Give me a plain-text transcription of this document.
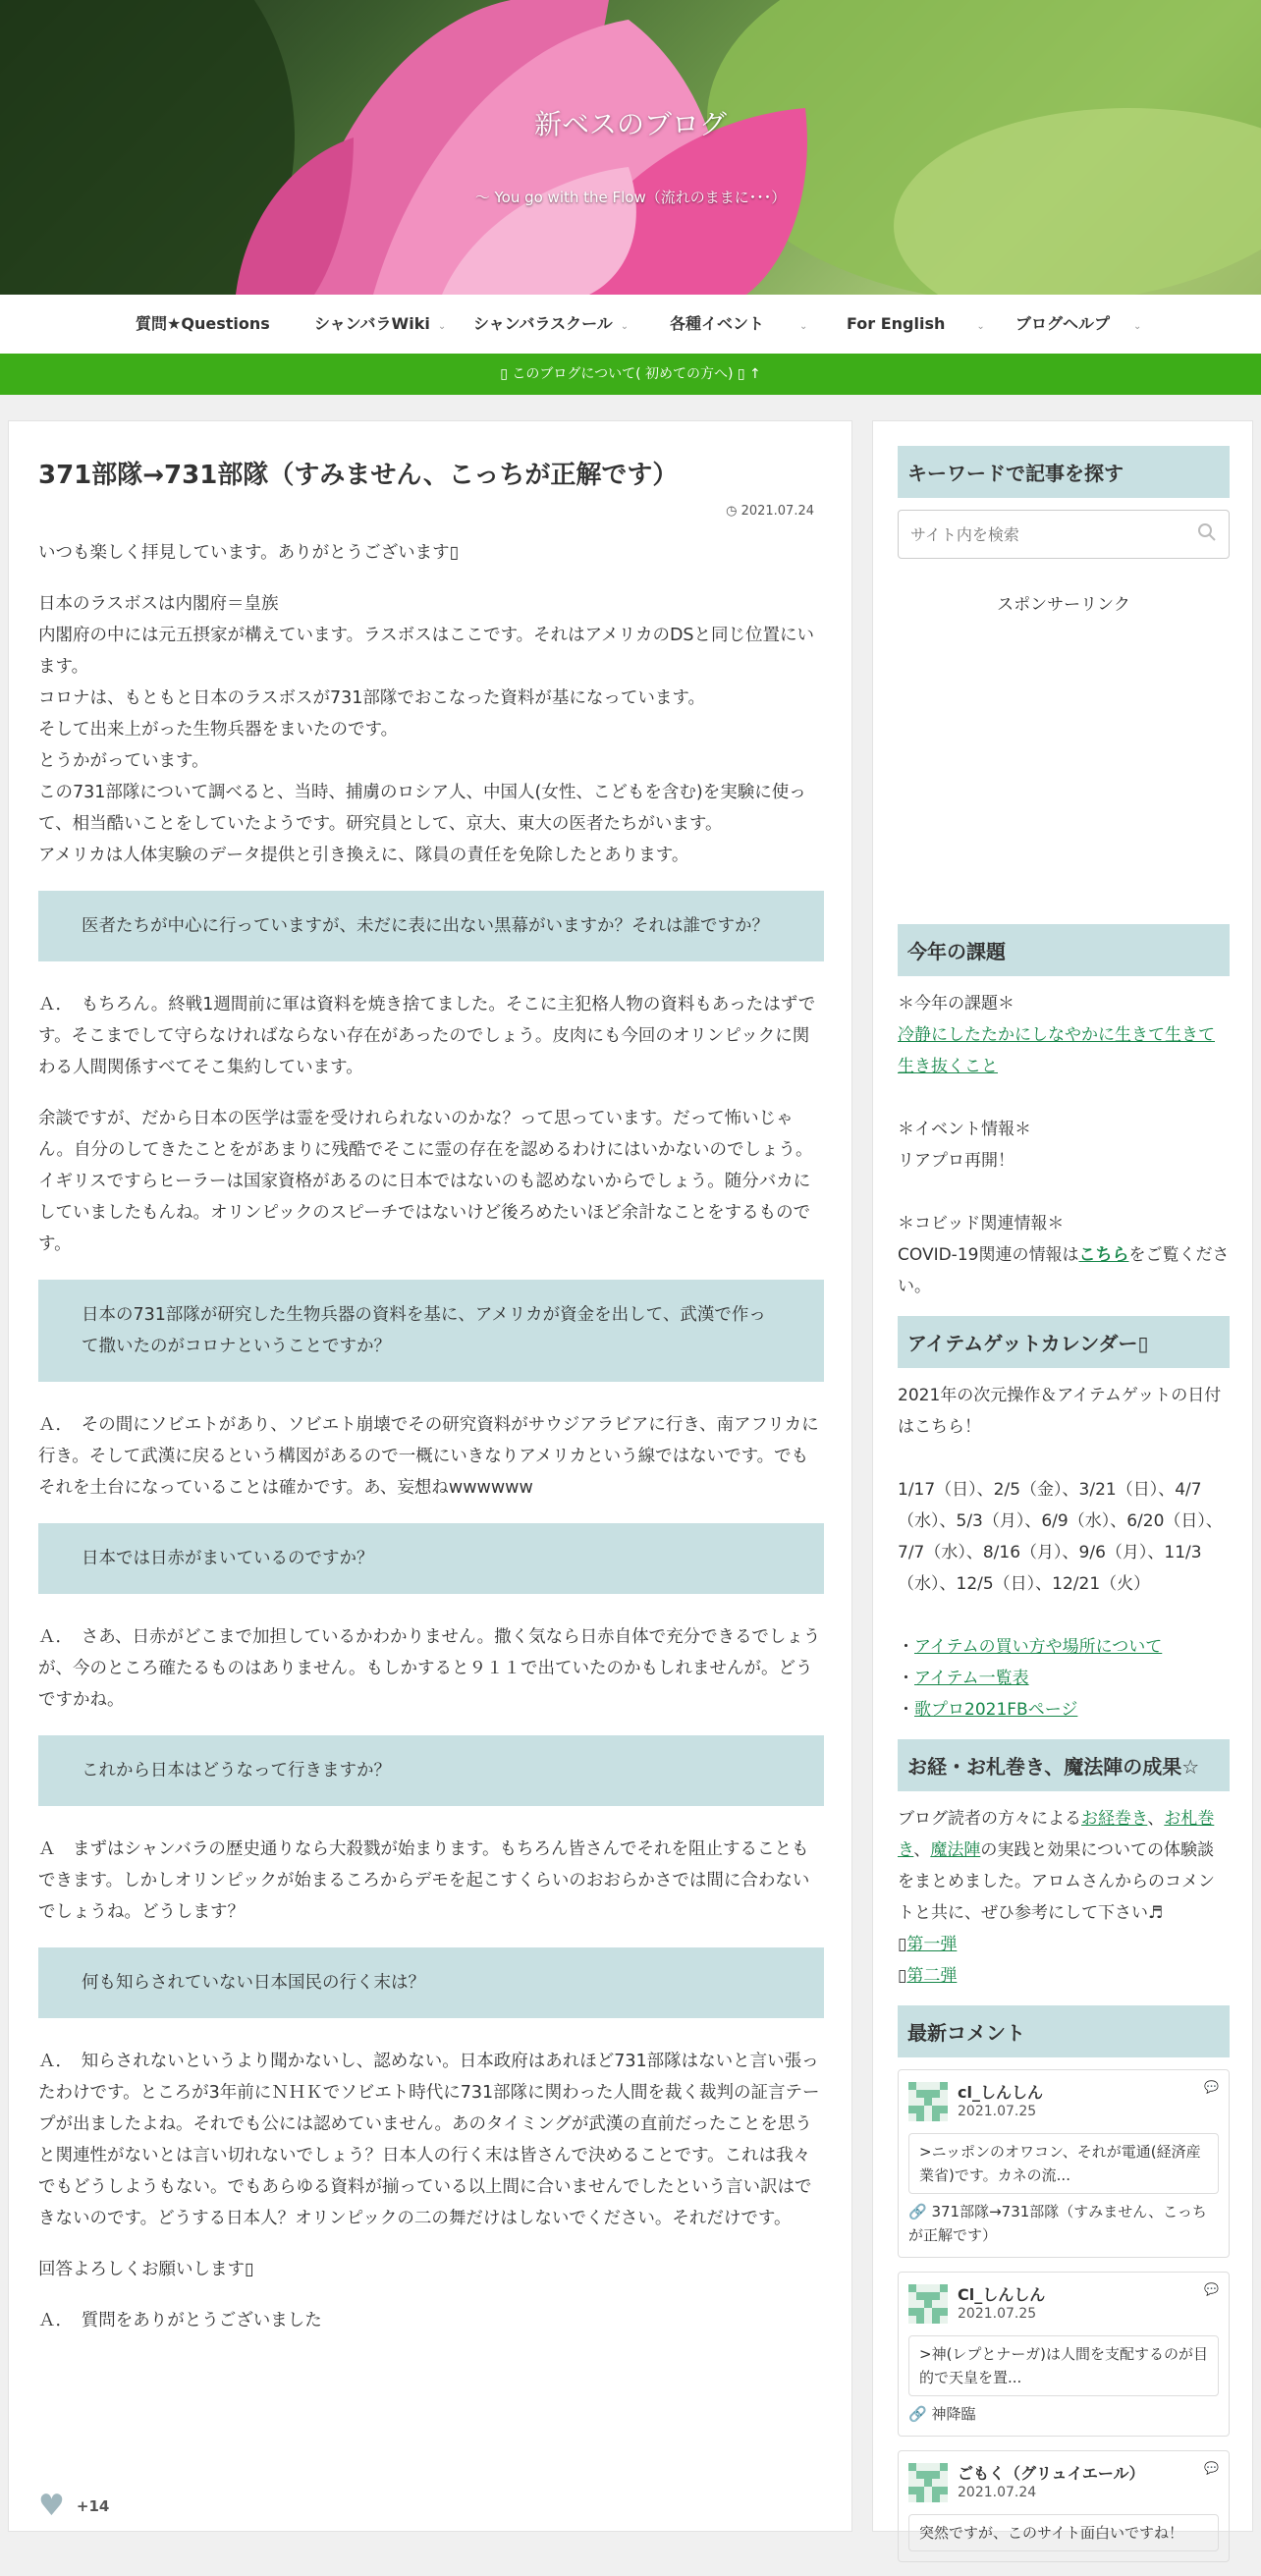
新ベスのブログ
～ You go with the Flow（流れのままに･･･）
質問★Questions	シャンバラWiki ⌄ シャンバラスクール ⌄	各種イベント	⌄ For English	⌄ ブログヘルプ ⌄
▯ このブログについて( 初めての方へ) ▯ ↑
371部隊→731部隊（すみません、こっちが正解です）
◷ 2021.07.24

いつも楽しく拝見しています。ありがとうございます▯

日本のラスボスは内閣府＝皇族
内閣府の中には元五摂家が構えています。ラスボスはここです。それはアメリカのDSと同じ位置にいます。
コロナは、もともと日本のラスボスが731部隊でおこなった資料が基になっています。
そして出来上がった生物兵器をまいたのです。
とうかがっています。
この731部隊について調べると、当時、捕虜のロシア人、中国人(女性、こどもを含む)を実験に使って、相当酷いことをしていたようです。研究員として、京大、東大の医者たちがいます。
アメリカは人体実験のデータ提供と引き換えに、隊員の責任を免除したとあります。

医者たちが中心に行っていますが、未だに表に出ない黒幕がいますか？それは誰ですか？

Ａ．　もちろん。終戦1週間前に軍は資料を焼き捨てました。そこに主犯格人物の資料もあったはずです。そこまでして守らなければならない存在があったのでしょう。皮肉にも今回のオリンピックに関わる人間関係すべてそこ集約しています。

余談ですが、だから日本の医学は霊を受けれられないのかな？って思っています。だって怖いじゃん。自分のしてきたことをがあまりに残酷でそこに霊の存在を認めるわけにはいかないのでしょう。イギリスですらヒーラーは国家資格があるのに日本ではないのも認めないからでしょう。随分バカにしていましたもんね。オリンピックのスピーチではないけど後ろめたいほど余計なことをするものです。

日本の731部隊が研究した生物兵器の資料を基に、アメリカが資金を出して、武漢で作って撒いたのがコロナということですか？

Ａ．　その間にソビエトがあり、ソビエト崩壊でその研究資料がサウジアラビアに行き、南アフリカに行き。そして武漢に戻るという構図があるので一概にいきなりアメリカという線ではないです。でもそれを土台になっていることは確かです。あ、妄想ねwwwwww

日本では日赤がまいているのですか？

Ａ．　さあ、日赤がどこまで加担しているかわかりません。撒く気なら日赤自体で充分できるでしょうが、今のところ確たるものはありません。もしかすると９１１で出ていたのかもしれませんが。どうですかね。

これから日本はどうなって行きますか？

Ａ　まずはシャンバラの歴史通りなら大殺戮が始まります。もちろん皆さんでそれを阻止することもできます。しかしオリンピックが始まるころからデモを起こすくらいのおおらかさでは間に合わないでしょうね。どうします？

何も知らされていない日本国民の行く末は？

Ａ．　知らされないというより聞かないし、認めない。日本政府はあれほど731部隊はないと言い張ったわけです。ところが3年前にＮＨＫでソビエト時代に731部隊に関わった人間を裁く裁判の証言テープが出ましたよね。それでも公には認めていません。あのタイミングが武漢の直前だったことを思うと関連性がないとは言い切れないでしょう？日本人の行く末は皆さんで決めることです。これは我々でもどうしようもない。でもあらゆる資料が揃っている以上間に合いませんでしたという言い訳はできないのです。どうする日本人？オリンピックの二の舞だけはしないでください。それだけです。

回答よろしくお願いします▯

Ａ．　質問をありがとうございました

♥ +14
キーワードで記事を探す
サイト内を検索
スポンサーリンク
今年の課題
＊今年の課題＊
冷静にしたたかにしなやかに生きて生きて生き抜くこと
＊イベント情報＊
リアプロ再開！
＊コビッド関連情報＊
COVID-19関連の情報はこちらをご覧ください。
アイテムゲットカレンダー▯
2021年の次元操作＆アイテムゲットの日付はこちら！
1/17（日）、2/5（金）、3/21（日）、4/7（水）、5/3（月）、6/9（水）、6/20（日）、7/7（水）、8/16（月）、9/6（月）、11/3（水）、12/5（日）、12/21（火）
・アイテムの買い方や場所について
・アイテム一覧表
・歌プロ2021FBページ
お経・お札巻き、魔法陣の成果☆
ブログ読者の方々によるお経巻き、お札巻き、魔法陣の実践と効果についての体験談をまとめました。アロムさんからのコメントと共に、ぜひ参考にして下さい♬
▯第一弾
▯第二弾
最新コメント
cl_しんしん
2021.07.25
💬
>ニッポンのオワコン、それが電通(経済産業省)です。カネの流...
🔗 371部隊→731部隊（すみません、こっちが正解です）
Cl_しんしん
2021.07.25
💬
>神(レプとナーガ)は人間を支配するのが目的で天皇を置...
🔗 神降臨
ごもく（グリュイエール）
2021.07.24
💬
突然ですが、このサイト面白いですね！
